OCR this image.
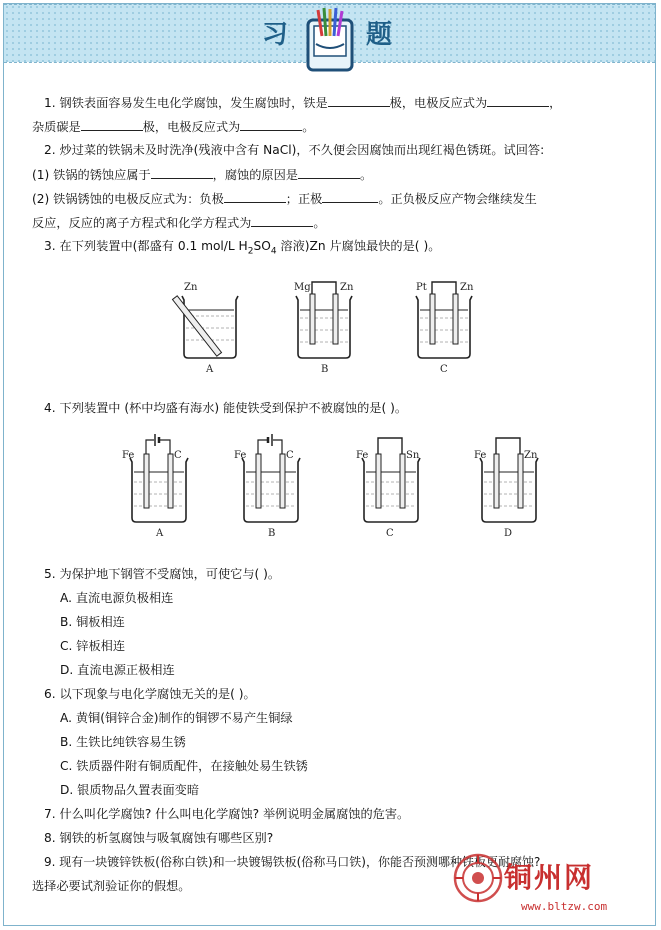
习	题
1. 钢铁表面容易发生电化学腐蚀，发生腐蚀时，铁是	极，电极反应式为	，
杂质碳是	极，电极反应式为	。
2. 炒过菜的铁锅未及时洗净(残液中含有 NaCl)，不久便会因腐蚀而出现红褐色锈斑。试回答:
(1) 铁锅的锈蚀应属于	，腐蚀的原因是	。
(2) 铁锅锈蚀的电极反应式为：负极	；正极	。正负极反应产物会继续发生
反应，反应的离子方程式和化学方程式为	。
3. 在下列装置中(都盛有 0.1 mol/L $H_2SO_4$ 溶液)Zn 片腐蚀最快的是( )。
Zn
A
Mg	Zn
B
Pt	Zn
C
4. 下列装置中 (杯中均盛有海水) 能使铁受到保护不被腐蚀的是( )。
Fe	C
A
Fe	C
B
Fe	Sn
C
Fe	Zn
D
5. 为保护地下钢管不受腐蚀，可使它与( )。
A. 直流电源负极相连
B. 铜板相连
C. 锌板相连
D. 直流电源正极相连
6. 以下现象与电化学腐蚀无关的是( )。
A. 黄铜(铜锌合金)制作的铜锣不易产生铜绿
B. 生铁比纯铁容易生锈
C. 铁质器件附有铜质配件，在接触处易生铁锈
D. 银质物品久置表面变暗
7. 什么叫化学腐蚀? 什么叫电化学腐蚀? 举例说明金属腐蚀的危害。
8. 钢铁的析氢腐蚀与吸氧腐蚀有哪些区别?
9. 现有一块镀锌铁板(俗称白铁)和一块镀锡铁板(俗称马口铁)，你能否预测哪种铁板更耐腐蚀?
选择必要试剂验证你的假想。	铜州网
www.bltzw.com
